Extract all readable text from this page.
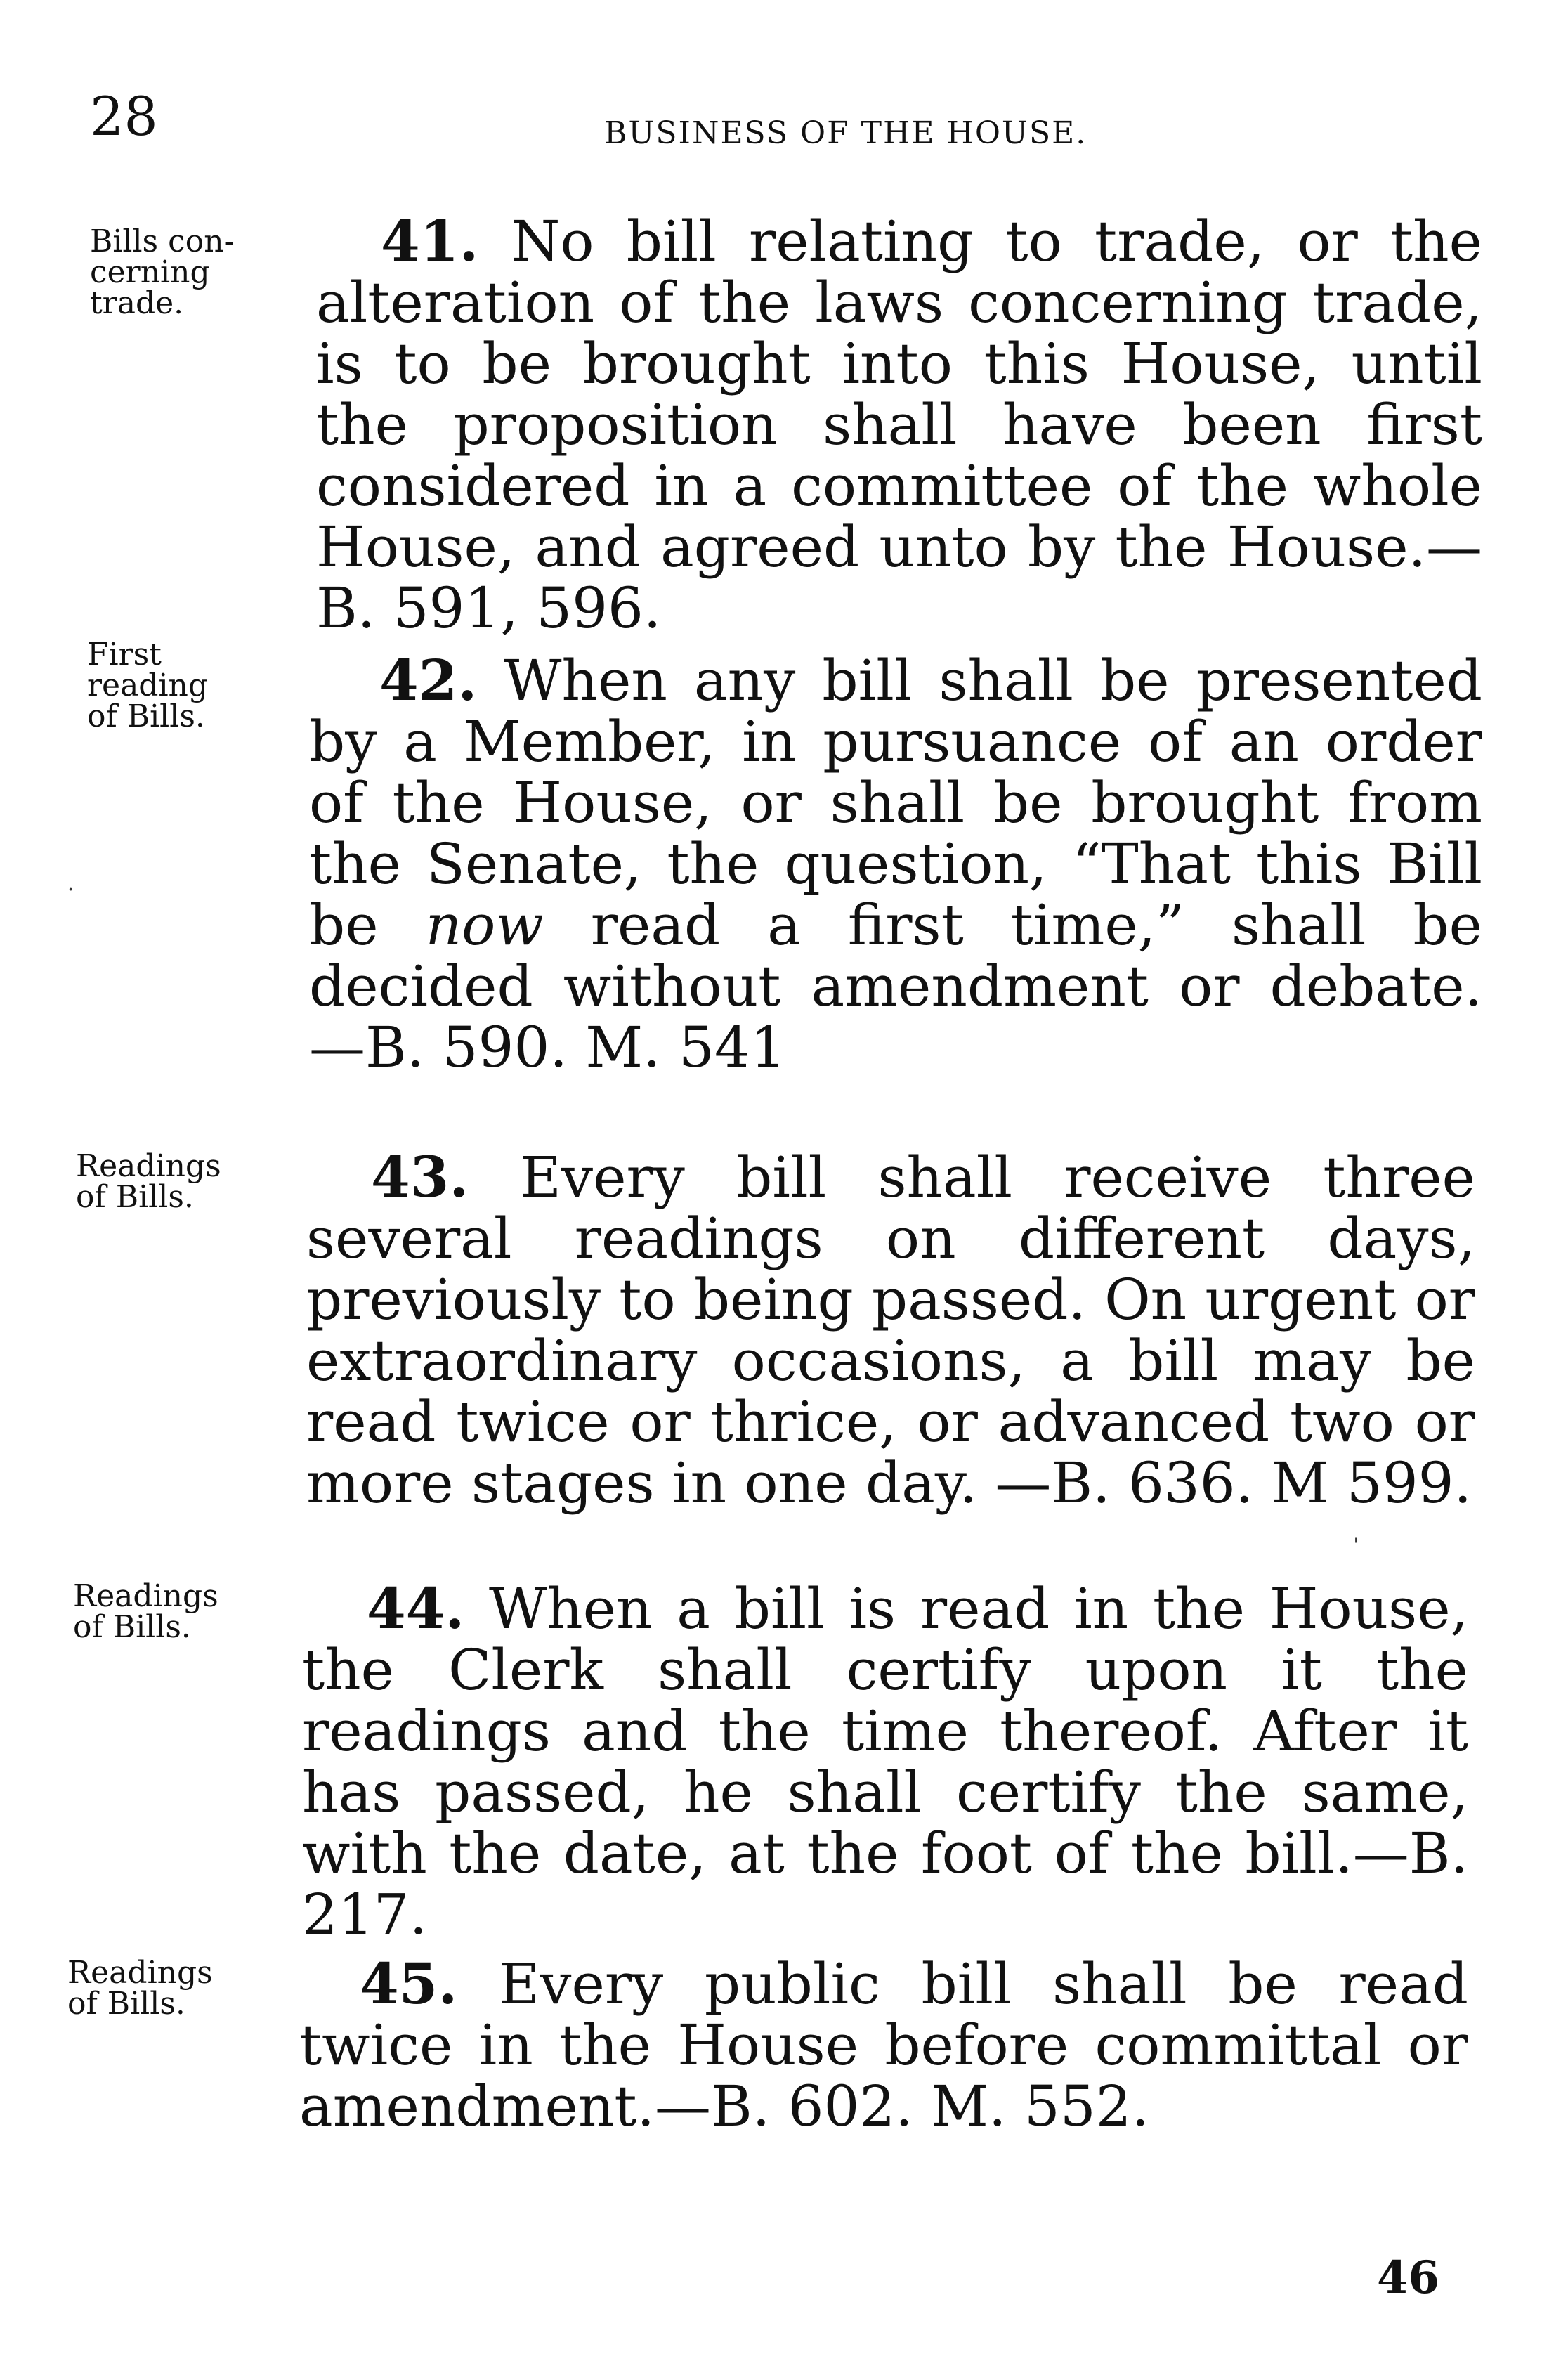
28	BUSINESS OF THE HOUSE.
Bills con-
cerning
trade.
41. No bill relating to trade, or the alteration of the laws concerning trade, is to be brought into this House, until the proposition shall have been first considered in a committee of the whole House, and agreed unto by the House.—B. 591, 596.
First
reading
of Bills.
42. When any bill shall be presented by a Member, in pursuance of an order of the House, or shall be brought from the Senate, the question, “That this Bill be now read a first time,” shall be decided without amendment or debate.—B. 590. M. 541
Readings
of Bills.	43. Every bill shall receive three several readings on different days, previously to being passed. On urgent or extraordinary occasions, a bill may be read twice or thrice, or advanced two or more stages in one day. —B. 636. M 599.
Readings
of Bills.	44. When a bill is read in the House, the Clerk shall certify upon it the readings and the time thereof. After it has passed, he shall certify the same, with the date, at the foot of the bill.—B. 217.
Readings
of Bills.	45. Every public bill shall be read twice in the House before committal or amendment.—B. 602. M. 552.
·
ˌ
46
